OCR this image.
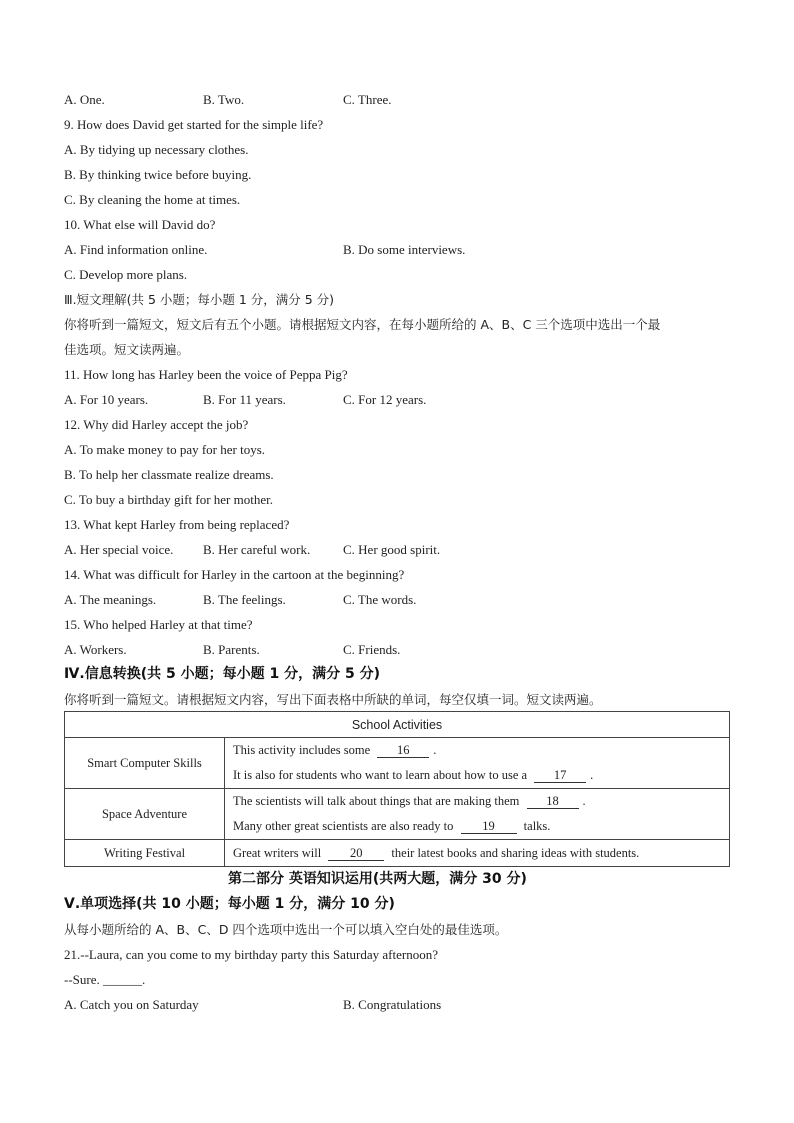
A. One.	B. Two.	C. Three.
9. How does David get started for the simple life?
A. By tidying up necessary clothes.
B. By thinking twice before buying.
C. By cleaning the home at times.
10. What else will David do?
A. Find information online.	B. Do some interviews.
C. Develop more plans.
Ⅲ.短文理解(共 5 小题；每小题 1 分，满分 5 分)
你将听到一篇短文，短文后有五个小题。请根据短文内容，在每小题所给的 A、B、C 三个选项中选出一个最
佳选项。短文读两遍。
11. How long has Harley been the voice of Peppa Pig?
A. For 10 years.	B. For 11 years.	C. For 12 years.
12. Why did Harley accept the job?
A. To make money to pay for her toys.
B. To help her classmate realize dreams.
C. To buy a birthday gift for her mother.
13. What kept Harley from being replaced?
A. Her special voice. B. Her careful work.	C. Her good spirit.
14. What was difficult for Harley in the cartoon at the beginning?
A. The meanings.	B. The feelings.	C. The words.
15. Who helped Harley at that time?
A. Workers.	B. Parents.	C. Friends.
Ⅳ.信息转换(共 5 小题；每小题 1 分，满分 5 分)
你将听到一篇短文。请根据短文内容，写出下面表格中所缺的单词，每空仅填一词。短文读两遍。
School Activities	
Smart Computer Skills	This activity includes some 16 .
It is also for students who want to learn about how to use a 17 .

Space Adventure	The scientists will talk about things that are making them 18 .
Many other great scientists are also ready to 19 talks.

Writing Festival	Great writers will 20 their latest books and sharing ideas with students.
第二部分 英语知识运用(共两大题，满分 30 分)
Ⅴ.单项选择(共 10 小题；每小题 1 分，满分 10 分)
从每小题所给的 A、B、C、D 四个选项中选出一个可以填入空白处的最佳选项。
21.--Laura, can you come to my birthday party this Saturday afternoon?
--Sure. ______.
A. Catch you on Saturday	B. Congratulations
